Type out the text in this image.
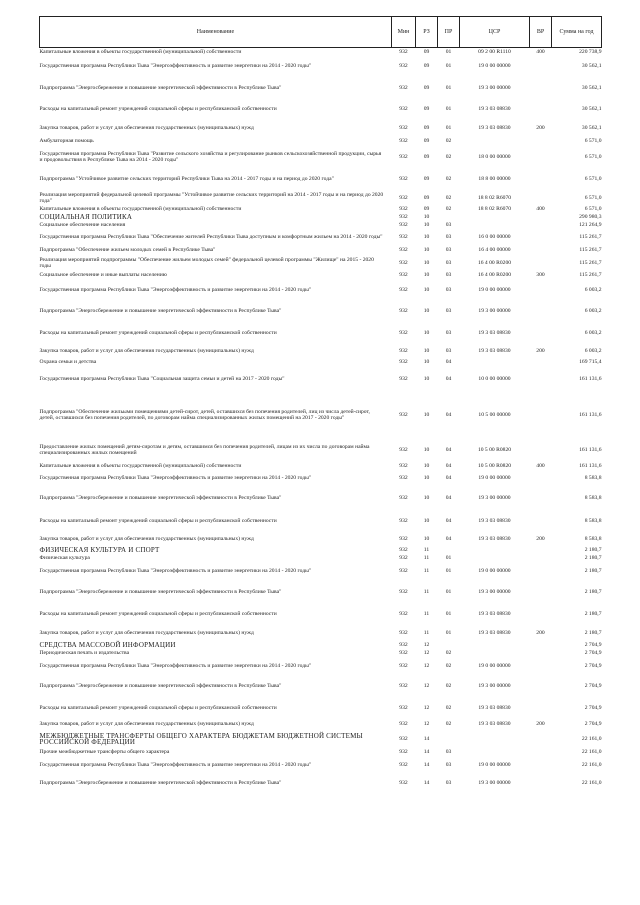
Наименование	Мин	РЗ	ПР	ЦСР	ВР	Сумма на год
Капитальные вложения в объекты государственной (муниципальной) собственности	932	09	01	09 2 00 R1110	400	220 738,9
Государственная программа Республики Тыва "Энергоэффективность и развитие энергетики на 2014 - 2020 годы"	932	09	01	19 0 00 00000		30 562,1
Подпрограмма "Энергосбережение и повышение энергетической эффективности в Республике Тыва"	932	09	01	19 3 00 00000		30 562,1
Расходы на капитальный ремонт учреждений социальной сферы и республиканской собственности	932	09	01	19 3 03 08830		30 562,1
Закупка товаров, работ и услуг для обеспечения государственных (муниципальных) нужд	932	09	01	19 3 03 08830	200	30 562,1
Амбулаторная помощь	932	09	02			6 571,0
Государственная программа Республики Тыва "Развитие сельского хозяйства и регулирование рынков сельскохозяйственной продукции, сырья и продовольствия в Республике Тыва на 2014 - 2020 годы"	932	09	02	18 0 00 00000		6 571,0
Подпрограмма "Устойчивое развитие сельских территорий Республики Тыва на 2014 - 2017 годы и на период до 2020 года"	932	09	02	18 8 00 00000		6 571,0
Реализация мероприятий федеральной целевой программы "Устойчивое развитие сельских территорий на 2014 - 2017 годы и на период до 2020 года"	932	09	02	18 8 02 R6070		6 571,0
Капитальные вложения в объекты государственной (муниципальной) собственности	932	09	02	18 8 02 R6070	400	6 571,0
СОЦИАЛЬНАЯ ПОЛИТИКА	932	10				290 980,3
Социальное обеспечение населения	932	10	03			121 264,9
Государственная программа Республики Тыва "Обеспечение жителей Республики Тыва доступным и комфортным жильем на 2014 - 2020 годы"	932	10	03	16 0 00 00000		115 261,7
Подпрограмма "Обеспечение жильем молодых семей в Республике Тыва"	932	10	03	16 4 00 00000		115 261,7
Реализация мероприятий подпрограммы "Обеспечение жильем молодых семей" федеральной целевой программы "Жилище" на 2015 - 2020 годы	932	10	03	16 4 00 R0200		115 261,7
Социальное обеспечение и иные выплаты населению	932	10	03	16 4 00 R0200	300	115 261,7
Государственная программа Республики Тыва "Энергоэффективность и развитие энергетики на 2014 - 2020 годы"	932	10	03	19 0 00 00000		6 003,2
Подпрограмма "Энергосбережение и повышение энергетической эффективности в Республике Тыва"	932	10	03	19 3 00 00000		6 003,2
Расходы на капитальный ремонт учреждений социальной сферы и республиканской собственности	932	10	03	19 3 03 08830		6 003,2
Закупка товаров, работ и услуг для обеспечения государственных (муниципальных) нужд	932	10	03	19 3 03 08830	200	6 003,2
Охрана семьи и детства	932	10	04			169 715,4
Государственная программа Республики Тыва "Социальная защита семьи и детей на 2017 - 2020 годы"	932	10	04	10 0 00 00000		161 131,6
Подпрограмма "Обеспечение жильыми помещениями детей-сирот, детей, оставшихся без попечения родителей, лиц из числа детей-сирот, детей, оставшихся без попечения родителей, по договорам найма специализированных жилых помещений на 2017 - 2020 годы"	932	10	04	10 5 00 00000		161 131,6
Предоставление жилых помещений детям-сиротам и детям, оставшимся без попечения родителей, лицам из их числа по договорам найма специализированных жилых помещений	932	10	04	10 5 00 R0820		161 131,6
Капитальные вложения в объекты государственной (муниципальной) собственности	932	10	04	10 5 00 R0820	400	161 131,6
Государственная программа Республики Тыва "Энергоэффективность и развитие энергетики на 2014 - 2020 годы"	932	10	04	19 0 00 00000		8 583,8
Подпрограмма "Энергосбережение и повышение энергетической эффективности в Республике Тыва"	932	10	04	19 3 00 00000		8 583,8
Расходы на капитальный ремонт учреждений социальной сферы и республиканской собственности	932	10	04	19 3 03 08830		8 583,8
Закупка товаров, работ и услуг для обеспечения государственных (муниципальных) нужд	932	10	04	19 3 03 08830	200	8 583,8
ФИЗИЧЕСКАЯ КУЛЬТУРА И СПОРТ	932	11				2 180,7
Физическая культура	932	11	01			2 180,7
Государственная программа Республики Тыва "Энергоэффективность и развитие энергетики на 2014 - 2020 годы"	932	11	01	19 0 00 00000		2 180,7
Подпрограмма "Энергосбережение и повышение энергетической эффективности в Республике Тыва"	932	11	01	19 3 00 00000		2 180,7
Расходы на капитальный ремонт учреждений социальной сферы и республиканской собственности	932	11	01	19 3 03 08830		2 180,7
Закупка товаров, работ и услуг для обеспечения государственных (муниципальных) нужд	932	11	01	19 3 03 08830	200	2 180,7
СРЕДСТВА МАССОВОЙ ИНФОРМАЦИИ	932	12				2 704,9
Периодическая печать и издательства	932	12	02			2 704,9
Государственная программа Республики Тыва "Энергоэффективность и развитие энергетики на 2014 - 2020 годы"	932	12	02	19 0 00 00000		2 704,9
Подпрограмма "Энергосбережение и повышение энергетической эффективности в Республике Тыва"	932	12	02	19 3 00 00000		2 704,9
Расходы на капитальный ремонт учреждений социальной сферы и республиканской собственности	932	12	02	19 3 03 08830		2 704,9
Закупка товаров, работ и услуг для обеспечения государственных (муниципальных) нужд	932	12	02	19 3 03 08830	200	2 704,9
МЕЖБЮДЖЕТНЫЕ ТРАНСФЕРТЫ ОБЩЕГО ХАРАКТЕРА БЮДЖЕТАМ БЮДЖЕТНОЙ СИСТЕМЫ РОССИЙСКОЙ ФЕДЕРАЦИИ	932	14				22 161,0
Прочие межбюджетные трансферты общего характера	932	14	03			22 161,0
Государственная программа Республики Тыва "Энергоэффективность и развитие энергетики на 2014 - 2020 годы"	932	14	03	19 0 00 00000		22 161,0
Подпрограмма "Энергосбережение и повышение энергетической эффективности в Республике Тыва"	932	14	03	19 3 00 00000		22 161,0
